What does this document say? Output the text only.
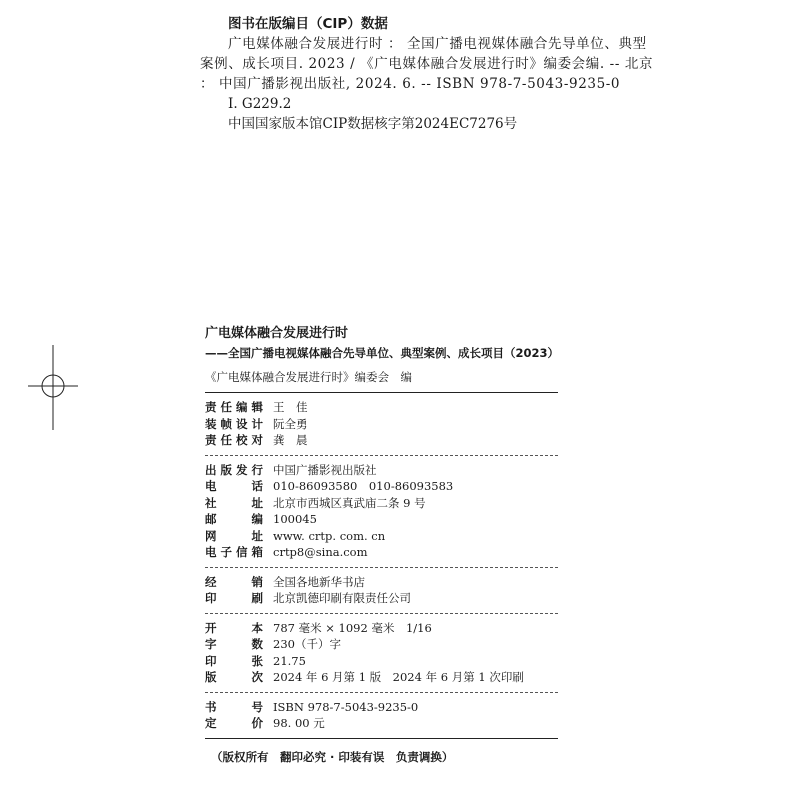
图书在版编目（CIP）数据
广电媒体融合发展进行时 ： 全国广播电视媒体融合先导单位、典型案例、成长项目. 2023 / 《广电媒体融合发展进行时》编委会编. -- 北京 ： 中国广播影视出版社, 2024. 6. -- ISBN 978-7-5043-9235-0
Ⅰ. G229.2
中国国家版本馆CIP数据核字第2024EC7276号
广电媒体融合发展进行时
——全国广播电视媒体融合先导单位、典型案例、成长项目（2023）
《广电媒体融合发展进行时》编委会　编
责 任 编 辑 王　佳
装 帧 设 计 阮全勇
责 任 校 对 龚　晨
出 版 发 行 中国广播影视出版社
电	话 010-86093580　010-86093583
社	址 北京市西城区真武庙二条 9 号
邮	编 100045
网	址 www. crtp. com. cn
电 子 信 箱 crtp8@sina.com
经	销 全国各地新华书店
印	刷 北京凯德印刷有限责任公司
开	本 787 毫米 × 1092 毫米　1/16
字	数 230（千）字
印	张 21.75
版	次 2024 年 6 月第 1 版　2024 年 6 月第 1 次印刷
书	号 ISBN 978-7-5043-9235-0
定	价 98. 00 元
（版权所有　翻印必究 · 印装有误　负责调换）
